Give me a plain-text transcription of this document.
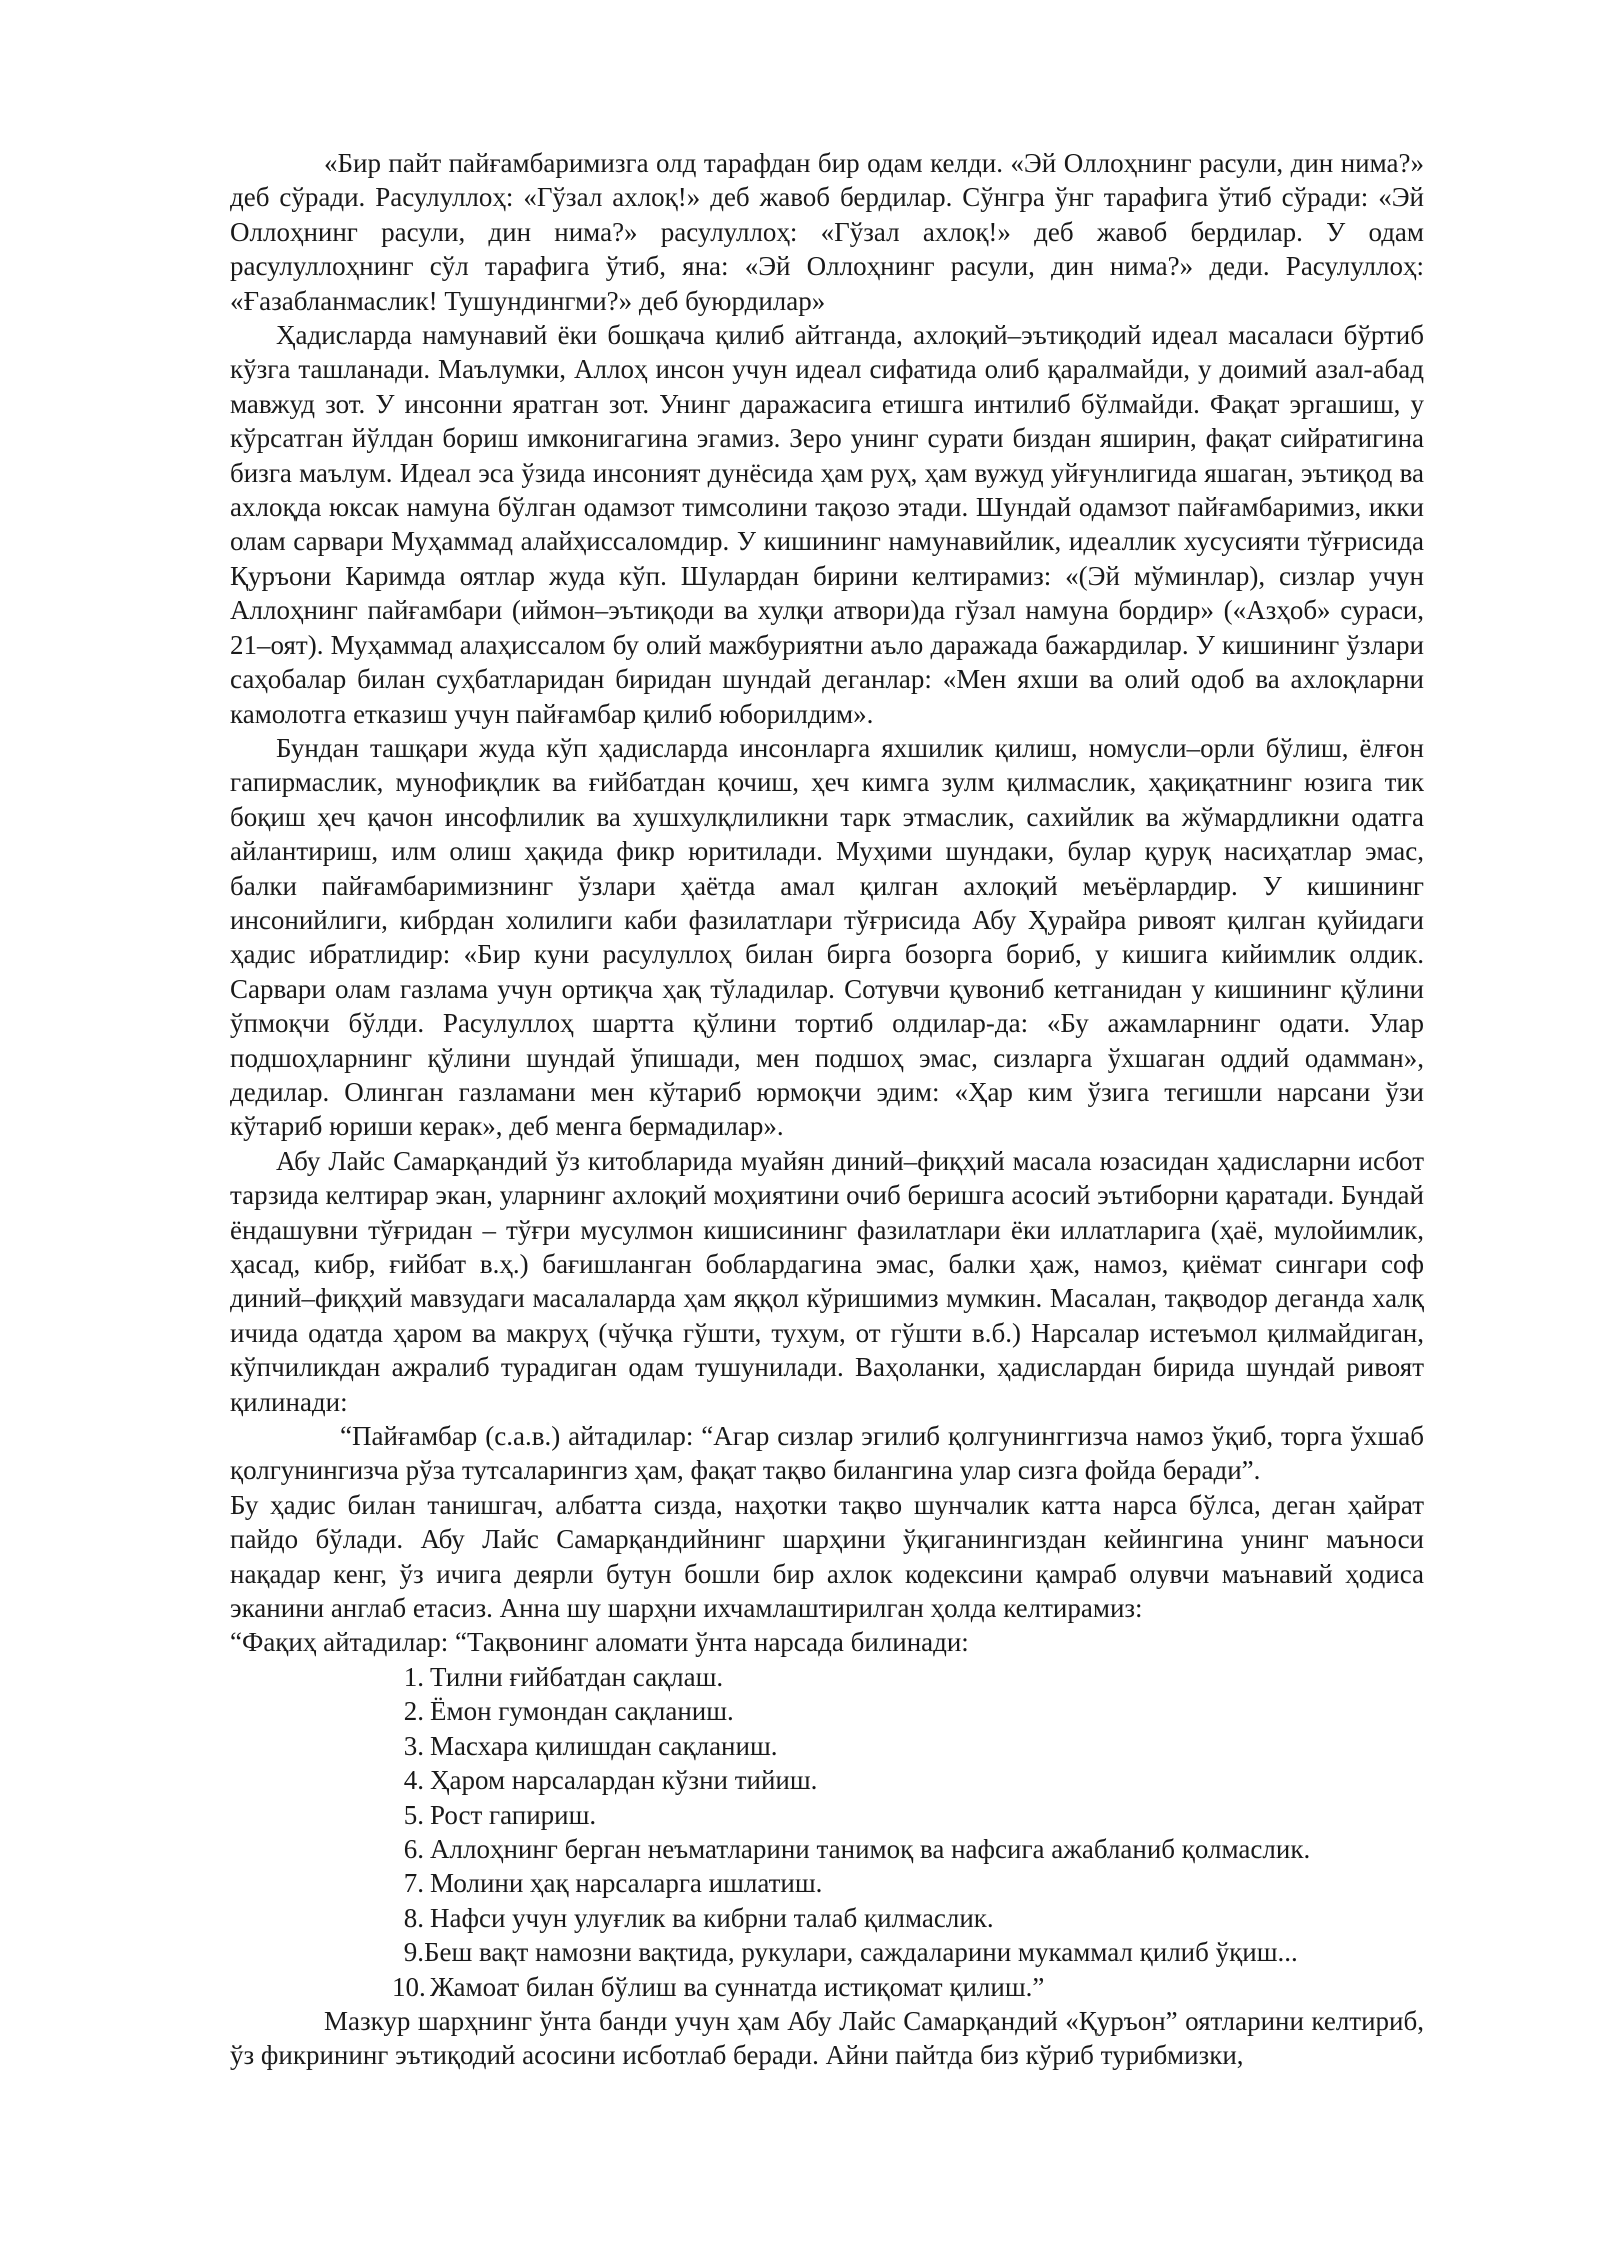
«Бир пайт пайғамбаримизга олд тарафдан бир одам келди. «Эй Оллоҳнинг расули, дин нима?» деб сўради. Расулуллоҳ: «Гўзал ахлоқ!» деб жавоб бердилар. Сўнгра ўнг тарафига ўтиб сўради: «Эй Оллоҳнинг расули, дин нима?» расулуллоҳ: «Гўзал ахлоқ!» деб жавоб бердилар. У одам расулуллоҳнинг сўл тарафига ўтиб, яна: «Эй Оллоҳнинг расули, дин нима?» деди. Расулуллоҳ: «Ғазабланмаслик! Тушундингми?» деб буюрдилар»

Ҳадисларда намунавий ёки бошқача қилиб айтганда, ахлоқий–эътиқодий идеал масаласи бўртиб кўзга ташланади. Маълумки, Аллоҳ инсон учун идеал сифатида олиб қаралмайди, у доимий азал-абад мавжуд зот. У инсонни яратган зот. Унинг даражасига етишга интилиб бўлмайди. Фақат эргашиш, у кўрсатган йўлдан бориш имконигагина эгамиз. Зеро унинг сурати биздан яширин, фақат сийратигина бизга маълум. Идеал эса ўзида инсоният дунёсида ҳам руҳ, ҳам вужуд уйғунлигида яшаган, эътиқод ва ахлоқда юксак намуна бўлган одамзот тимсолини тақозо этади. Шундай одамзот пайғамбаримиз, икки олам сарвари Муҳаммад алайҳиссаломдир. У кишининг намунавийлик, идеаллик хусусияти тўғрисида Қуръони Каримда оятлар жуда кўп. Шулардан бирини келтирамиз: «(Эй мўминлар), сизлар учун Аллоҳнинг пайғамбари (иймон–эътиқоди ва хулқи атвори)да гўзал намуна бордир» («Азҳоб» сураси, 21–оят). Муҳаммад алаҳиссалом бу олий мажбуриятни аъло даражада бажардилар. У кишининг ўзлари саҳобалар билан суҳбатларидан биридан шундай деганлар: «Мен яхши ва олий одоб ва ахлоқларни камолотга етказиш учун пайғамбар қилиб юборилдим».

Бундан ташқари жуда кўп ҳадисларда инсонларга яхшилик қилиш, номусли–орли бўлиш, ёлғон гапирмаслик, мунофиқлик ва ғийбатдан қочиш, ҳеч кимга зулм қилмаслик, ҳақиқатнинг юзига тик боқиш ҳеч қачон инсофлилик ва хушхулқлиликни тарк этмаслик, сахийлик ва жўмардликни одатга айлантириш, илм олиш ҳақида фикр юритилади. Муҳими шундаки, булар қуруқ насиҳатлар эмас, балки пайғамбаримизнинг ўзлари ҳаётда амал қилган ахлоқий меъёрлардир. У кишининг инсонийлиги, кибрдан холилиги каби фазилатлари тўғрисида Абу Ҳурайра ривоят қилган қуйидаги ҳадис ибратлидир: «Бир куни расулуллоҳ билан бирга бозорга бориб, у кишига кийимлик олдик. Сарвари олам газлама учун ортиқча ҳақ тўладилар. Сотувчи қувониб кетганидан у кишининг қўлини ўпмоқчи бўлди. Расулуллоҳ шартта қўлини тортиб олдилар-да: «Бу ажамларнинг одати. Улар подшоҳларнинг қўлини шундай ўпишади, мен подшоҳ эмас, сизларга ўхшаган оддий одамман», дедилар. Олинган газламани мен кўтариб юрмоқчи эдим: «Ҳар ким ўзига тегишли нарсани ўзи кўтариб юриши керак», деб менга бермадилар».

Абу Лайс Самарқандий ўз китобларида муайян диний–фиқҳий масала юзасидан ҳадисларни исбот тарзида келтирар экан, уларнинг ахлоқий моҳиятини очиб беришга асосий эътиборни қаратади. Бундай ёндашувни тўғридан – тўғри мусулмон кишисининг фазилатлари ёки иллатларига (ҳаё, мулойимлик, ҳасад, кибр, ғийбат в.ҳ.) бағишланган боблардагина эмас, балки ҳаж, намоз, қиёмат сингари соф диний–фиқҳий мавзудаги масалаларда ҳам яққол кўришимиз мумкин. Масалан, тақводор деганда халқ ичида одатда ҳаром ва макруҳ (чўчқа гўшти, тухум, от гўшти в.б.) Нарсалар истеъмол қилмайдиган, кўпчиликдан ажралиб турадиган одам тушунилади. Ваҳоланки, ҳадислардан бирида шундай ривоят қилинади:

“Пайғамбар (с.а.в.) айтадилар: “Агар сизлар эгилиб қолгунинггизча намоз ўқиб, торга ўхшаб қолгунингизча рўза тутсаларингиз ҳам, фақат тақво билангина улар сизга фойда беради”.

Бу ҳадис билан танишгач, албатта сизда, наҳотки тақво шунчалик катта нарса бўлса, деган ҳайрат пайдо бўлади. Абу Лайс Самарқандийнинг шарҳини ўқиганингиздан кейингина унинг маъноси нақадар кенг, ўз ичига деярли бутун бошли бир ахлок кодексини қамраб олувчи маънавий ҳодиса эканини англаб етасиз. Анна шу шарҳни ихчамлаштирилган ҳолда келтирамиз:

“Фақиҳ айтадилар: “Тақвонинг аломати ўнта нарсада билинади:

1. Тилни ғийбатдан сақлаш.
2. Ёмон гумондан сақланиш.
3. Масхара қилишдан сақланиш.
4. Ҳаром нарсалардан кўзни тийиш.
5. Рост гапириш.
6. Аллоҳнинг берган неъматларини танимоқ ва нафсига ажабланиб қолмаслик.
7. Молини ҳақ нарсаларга ишлатиш.
8. Нафси учун улуғлик ва кибрни талаб қилмаслик.
9.Беш вақт намозни вақтида, рукулари, саждаларини мукаммал қилиб ўқиш...
10. Жамоат билан бўлиш ва суннатда истиқомат қилиш.”

Мазкур шарҳнинг ўнта банди учун ҳам Абу Лайс Самарқандий «Қуръон” оятларини келтириб, ўз фикрининг эътиқодий асосини исботлаб беради. Айни пайтда биз кўриб турибмизки,
